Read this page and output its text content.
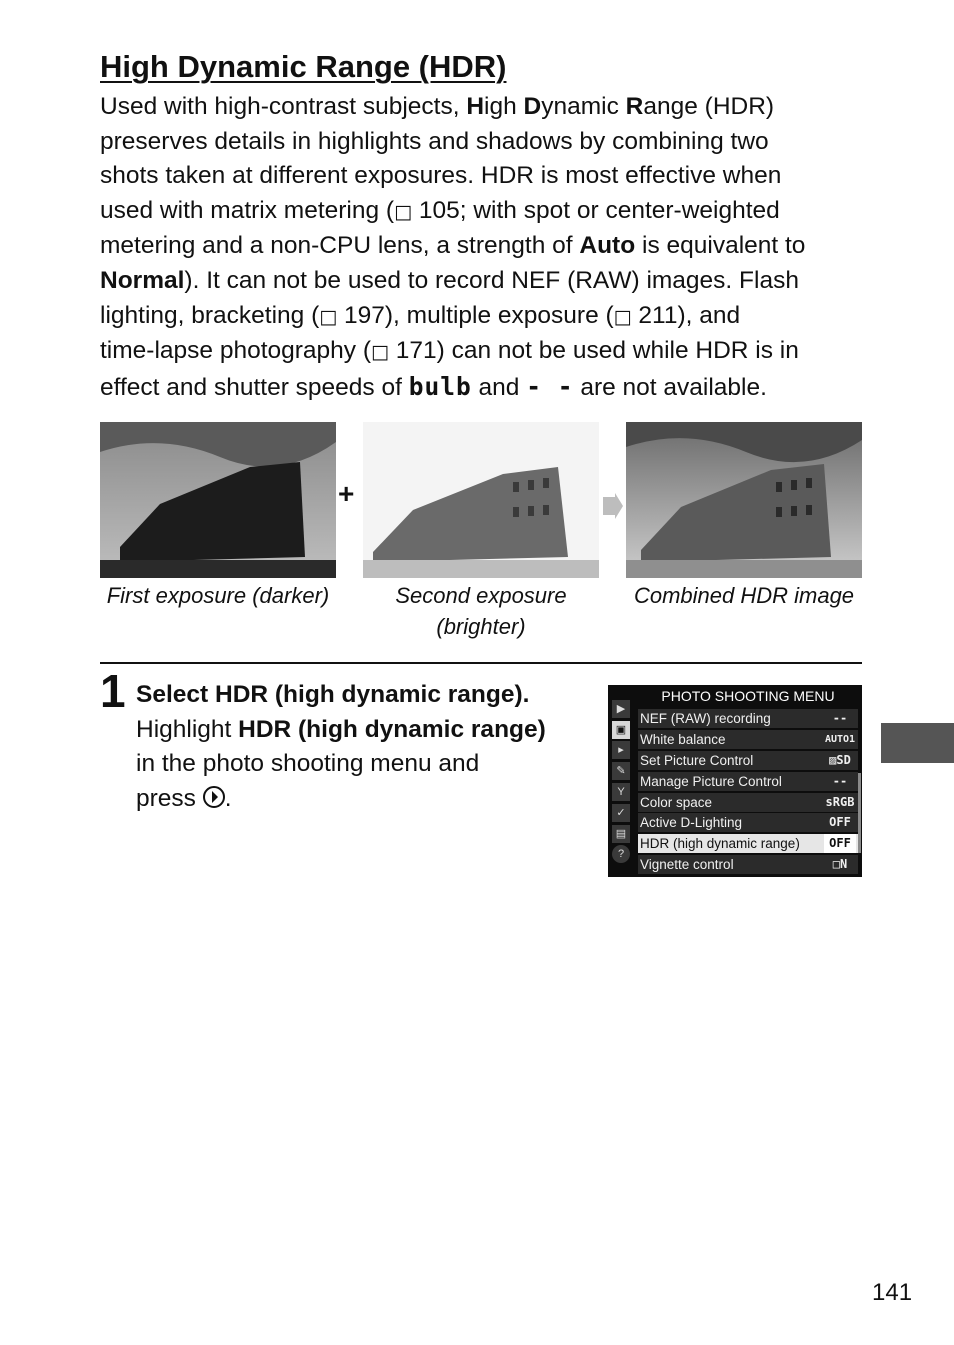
High Dynamic Range (HDR)

Used with high-contrast subjects, High Dynamic Range (HDR)
preserves details in highlights and shadows by combining two
shots taken at different exposures. HDR is most effective when
used with matrix metering (□ 105; with spot or center-weighted
metering and a non-CPU lens, a strength of Auto is equivalent to
Normal). It can not be used to record NEF (RAW) images. Flash
lighting, bracketing (□ 197), multiple exposure (□ 211), and
time-lapse photography (□ 171) can not be used while HDR is in
effect and shutter speeds of bulb and - - are not available.

+
First exposure (darker)	Second exposure
(brighter)
Combined HDR image
1 Select HDR (high dynamic range).
Highlight HDR (high dynamic range)
in the photo shooting menu and
press .
PHOTO SHOOTING MENU
▶
▣
▸
✎
Y
✓
▤
?
NEF (RAW) recording	--
White balance	AUTO1
Set Picture Control	▨SD
Manage Picture Control	--
Color space	sRGB
Active D-Lighting	OFF
HDR (high dynamic range)	OFF
Vignette control	□N
141
